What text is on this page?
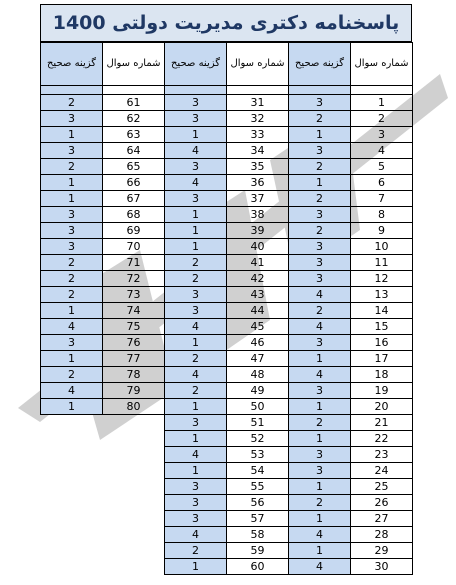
پاسخنامه دکتری مدیریت دولتی 1400
شماره سوال	گزینه صحیح	شماره سوال	گزینه صحیح	شماره سوال	گزینه صحیح

1	3	31	3	61	2
2	2	32	3	62	3
3	1	33	1	63	1
4	3	34	4	64	3
5	2	35	3	65	2
6	1	36	4	66	1
7	2	37	3	67	1
8	3	38	1	68	3
9	2	39	1	69	3
10	3	40	1	70	3
11	3	41	2	71	2
12	3	42	2	72	2
13	4	43	3	73	2
14	2	44	3	74	1
15	4	45	4	75	4
16	3	46	1	76	3
17	1	47	2	77	1
18	4	48	4	78	2
19	3	49	2	79	4
20	1	50	1	80	1
21	2	51	3		
22	1	52	1		
23	3	53	4		
24	3	54	1		
25	1	55	3		
26	2	56	3		
27	1	57	3		
28	4	58	4		
29	1	59	2		
30	4	60	1		
